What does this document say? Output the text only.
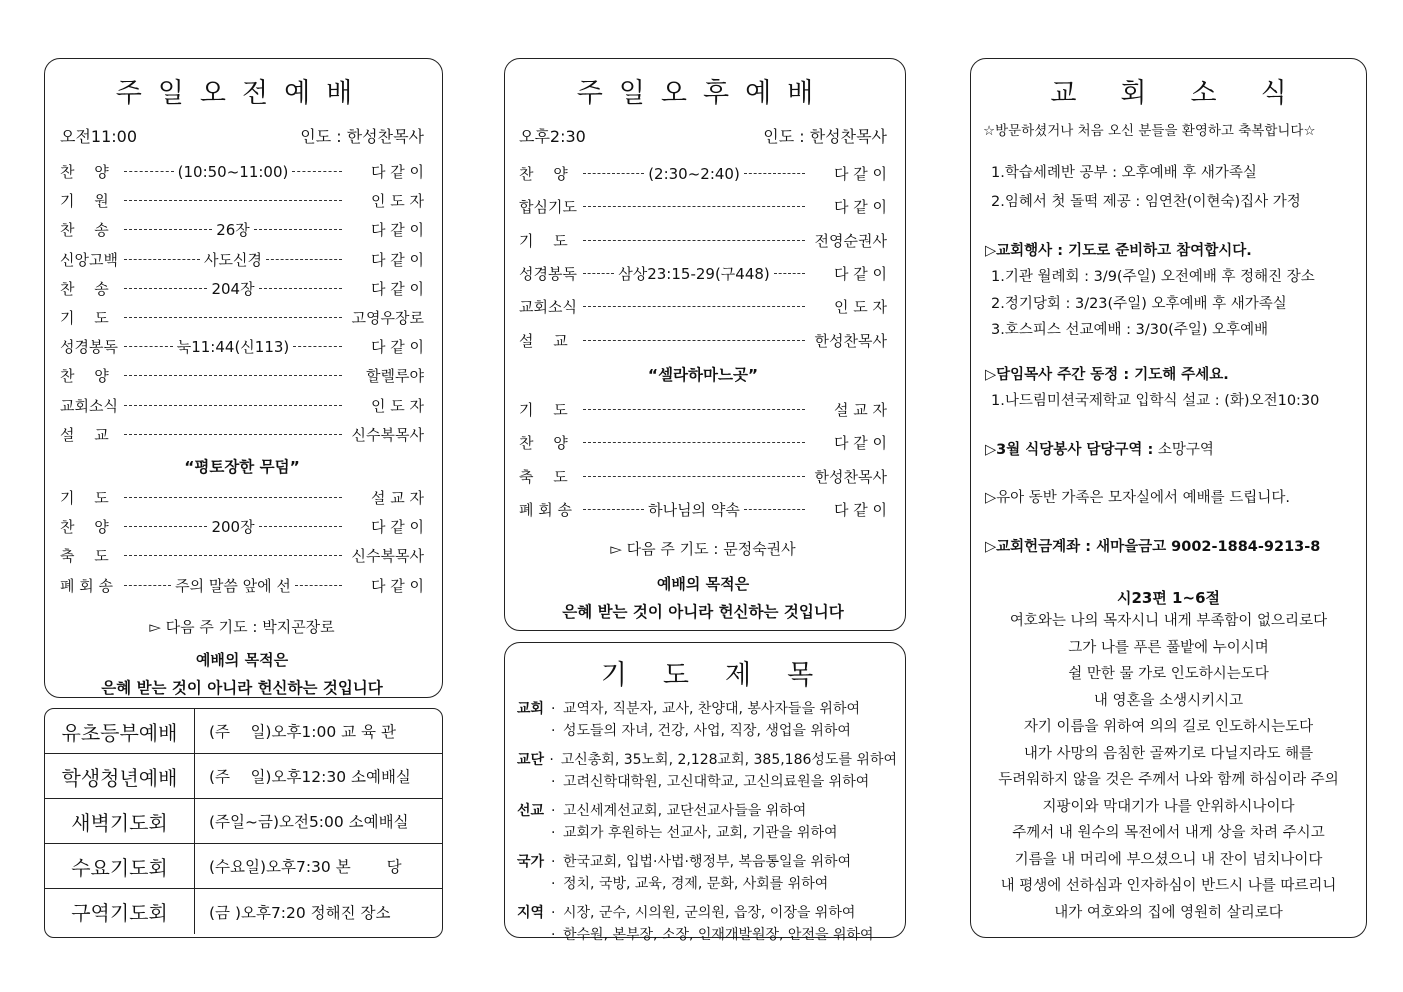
주일오전예배
오전11:00	인도 : 한성찬목사
찬　 양	(10:50~11:00)	다 같 이
기　 원	인 도 자
찬　 송	26장	다 같 이
신앙고백	사도신경	다 같 이
찬　 송	204장	다 같 이
기　 도	고영우장로
성경봉독	눅11:44(신113)	다 같 이
찬　 양	할렐루야
교회소식	인 도 자
설　 교	신수복목사
“평토장한 무덤”
기　 도	설 교 자
찬　 양	200장	다 같 이
축　 도	신수복목사
폐 회 송	주의 말씀 앞에 선	다 같 이
▻ 다음 주 기도 : 박지곤장로
예배의 목적은
은혜 받는 것이 아니라 헌신하는 것입니다
유초등부예배	(주　 일)오후1:00 교 육 관
학생청년예배	(주　 일)오후12:30 소예배실
새벽기도회	(주일~금)오전5:00 소예배실
수요기도회	(수요일)오후7:30 본　　 당
구역기도회	(금 )오후7:20 정해진 장소
주일오후예배
오후2:30	인도 : 한성찬목사
찬　 양	(2:30~2:40)	다 같 이
합심기도	다 같 이
기　 도	전영순권사
성경봉독	삼상23:15-29(구448)	다 같 이
교회소식	인 도 자
설　 교	한성찬목사
“셀라하마느곳”
기　 도	설 교 자
찬　 양	다 같 이
축　 도	한성찬목사
폐 회 송	하나님의 약속	다 같 이
▻ 다음 주 기도 : 문정숙권사
예배의 목적은
은혜 받는 것이 아니라 헌신하는 것입니다
기도제목
교회 · 교역자, 직분자, 교사, 찬양대, 봉사자들을 위하여
· 성도들의 자녀, 건강, 사업, 직장, 생업을 위하여
교단 · 고신총회, 35노회, 2,128교회, 385,186성도를 위하여
· 고려신학대학원, 고신대학교, 고신의료원을 위하여
선교 · 고신세계선교회, 교단선교사들을 위하여
· 교회가 후원하는 선교사, 교회, 기관을 위하여
국가 · 한국교회, 입법·사법·행정부, 복음통일을 위하여
· 정치, 국방, 교육, 경제, 문화, 사회를 위하여
지역 · 시장, 군수, 시의원, 군의원, 읍장, 이장을 위하여
· 한수원, 본부장, 소장, 인재개발원장, 안전을 위하여
교회소식
☆방문하셨거나 처음 오신 분들을 환영하고 축복합니다☆
1.학습세례반 공부 : 오후예배 후 새가족실
2.임혜서 첫 돌떡 제공 : 임연찬(이현숙)집사 가정
▷교회행사 : 기도로 준비하고 참여합시다.
1.기관 월례회 : 3/9(주일) 오전예배 후 정해진 장소
2.정기당회 : 3/23(주일) 오후예배 후 새가족실
3.호스피스 선교예배 : 3/30(주일) 오후예배
▷담임목사 주간 동정 : 기도해 주세요.
1.나드림미션국제학교 입학식 설교 : (화)오전10:30
▷3월 식당봉사 담당구역 : 소망구역
▷유아 동반 가족은 모자실에서 예배를 드립니다.
▷교회헌금계좌 : 새마을금고 9002-1884-9213-8
시23편 1~6절
여호와는 나의 목자시니 내게 부족함이 없으리로다
그가 나를 푸른 풀밭에 누이시며
쉴 만한 물 가로 인도하시는도다
내 영혼을 소생시키시고
자기 이름을 위하여 의의 길로 인도하시는도다
내가 사망의 음침한 골짜기로 다닐지라도 해를
두려워하지 않을 것은 주께서 나와 함께 하심이라 주의
지팡이와 막대기가 나를 안위하시나이다
주께서 내 원수의 목전에서 내게 상을 차려 주시고
기름을 내 머리에 부으셨으니 내 잔이 넘치나이다
내 평생에 선하심과 인자하심이 반드시 나를 따르리니
내가 여호와의 집에 영원히 살리로다
